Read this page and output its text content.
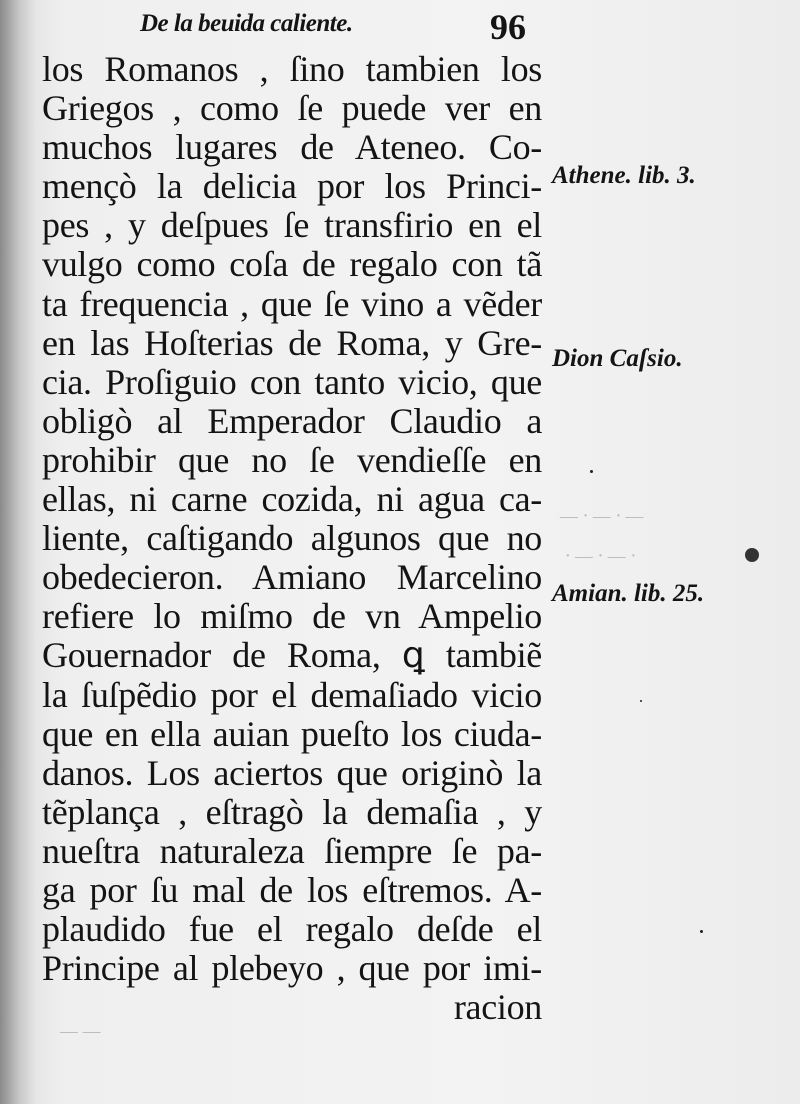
— · — · —
· — · — ·
— —
De la beuida caliente.	96
los Romanos , ſino tambien los
Griegos , como ſe puede ver en
muchos lugares de Ateneo. Co-
mençò la delicia por los Princi-
pes , y deſpues ſe transfirio en el
vulgo como coſa de regalo con tã
ta frequencia , que ſe vino a vẽder
en las Hoſterias de Roma, y Gre-
cia. Proſiguio con tanto vicio, que
obligò al Emperador Claudio a
prohibir que no ſe vendieſſe en
ellas, ni carne cozida, ni agua ca-
liente, caſtigando algunos que no
obedecieron. Amiano Marcelino
refiere lo miſmo de vn Ampelio
Gouernador de Roma, ꝗ tambiẽ
la ſuſpẽdio por el demaſiado vicio
que en ella auian pueſto los ciuda-
danos. Los aciertos que originò la
tẽplança , eſtragò la demaſia , y
nueſtra naturaleza ſiempre ſe pa-
ga por ſu mal de los eſtremos. A-
plaudido fue el regalo deſde el
Principe al plebeyo , que por imi-
racion
Athene. lib. 3.
Dion Caſsio.
Amian. lib. 25.
